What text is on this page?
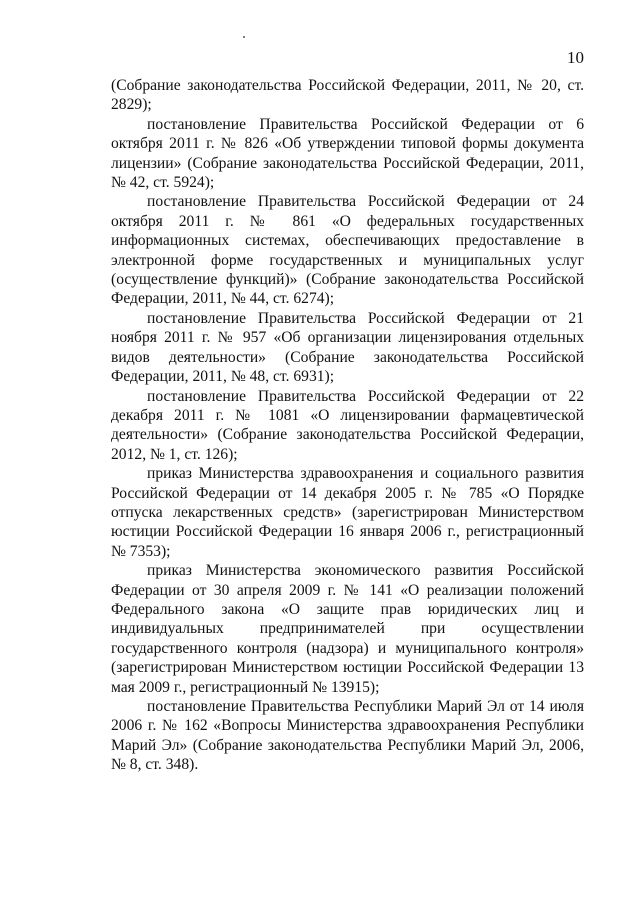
10

(Собрание законодательства Российской Федерации, 2011, № 20, ст. 2829);

постановление Правительства Российской Федерации от 6 октября 2011 г. № 826 «Об утверждении типовой формы документа лицензии» (Собрание законодательства Российской Федерации, 2011, № 42, ст. 5924);

постановление Правительства Российской Федерации от 24 октября 2011 г. № 861 «О федеральных государственных информационных системах, обеспечивающих предоставление в электронной форме государственных и муниципальных услуг (осуществление функций)» (Собрание законодательства Российской Федерации, 2011, № 44, ст. 6274);

постановление Правительства Российской Федерации от 21 ноября 2011 г. № 957 «Об организации лицензирования отдельных видов деятельности» (Собрание законодательства Российской Федерации, 2011, № 48, ст. 6931);

постановление Правительства Российской Федерации от 22 декабря 2011 г. № 1081 «О лицензировании фармацевтической деятельности» (Собрание законодательства Российской Федерации, 2012, № 1, ст. 126);

приказ Министерства здравоохранения и социального развития Российской Федерации от 14 декабря 2005 г. № 785 «О Порядке отпуска лекарственных средств» (зарегистрирован Министерством юстиции Российской Федерации 16 января 2006 г., регистрационный № 7353);

приказ Министерства экономического развития Российской Федерации от 30 апреля 2009 г. № 141 «О реализации положений Федерального закона «О защите прав юридических лиц и индивидуальных предпринимателей при осуществлении государственного контроля (надзора) и муниципального контроля» (зарегистрирован Министерством юстиции Российской Федерации 13 мая 2009 г., регистрационный № 13915);

постановление Правительства Республики Марий Эл от 14 июля 2006 г. № 162 «Вопросы Министерства здравоохранения Республики Марий Эл» (Собрание законодательства Республики Марий Эл, 2006, № 8, ст. 348).
